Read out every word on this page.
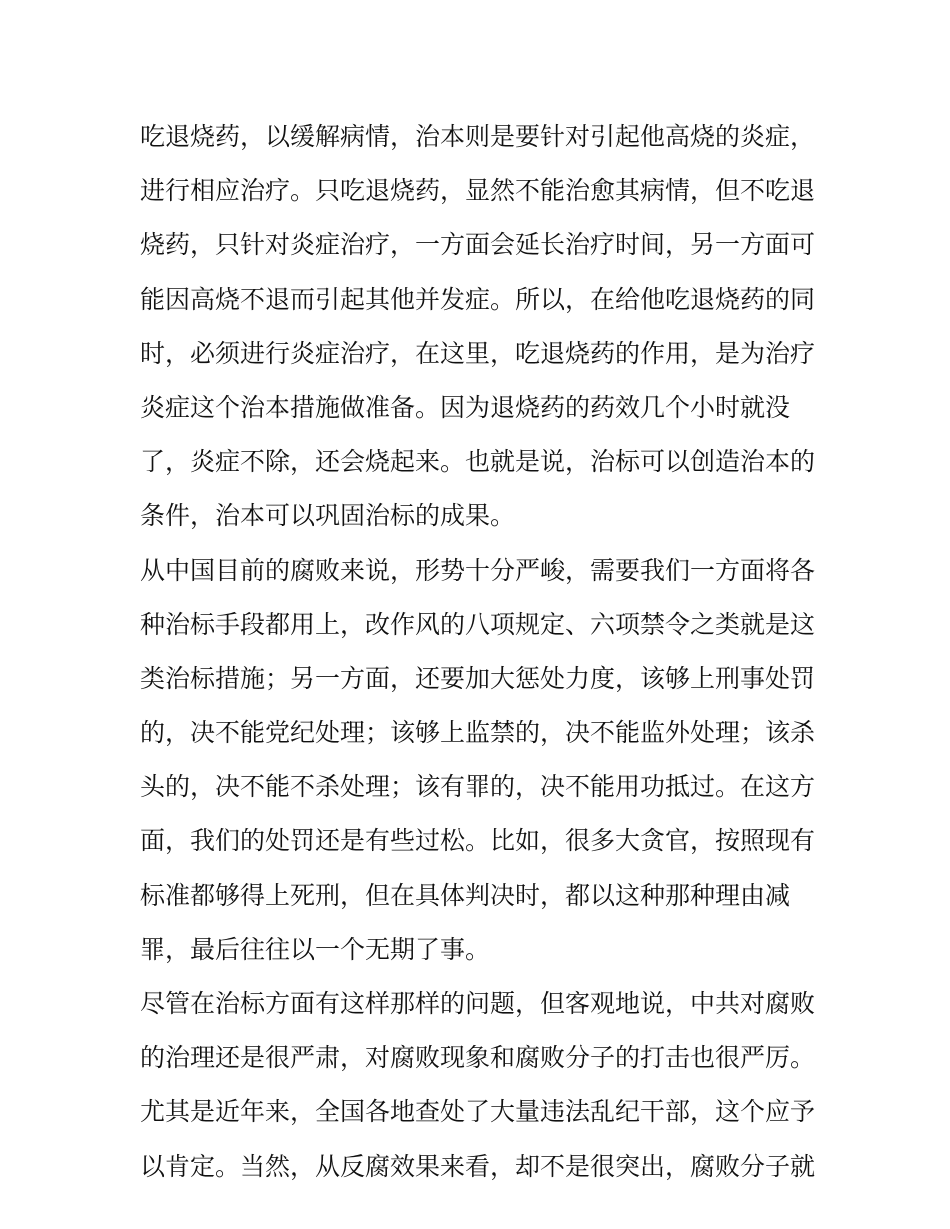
吃退烧药，以缓解病情，治本则是要针对引起他高烧的炎症，
进行相应治疗。只吃退烧药，显然不能治愈其病情，但不吃退
烧药，只针对炎症治疗，一方面会延长治疗时间，另一方面可
能因高烧不退而引起其他并发症。所以，在给他吃退烧药的同
时，必须进行炎症治疗，在这里，吃退烧药的作用，是为治疗
炎症这个治本措施做准备。因为退烧药的药效几个小时就没
了，炎症不除，还会烧起来。也就是说，治标可以创造治本的
条件，治本可以巩固治标的成果。
从中国目前的腐败来说，形势十分严峻，需要我们一方面将各
种治标手段都用上，改作风的八项规定、六项禁令之类就是这
类治标措施；另一方面，还要加大惩处力度，该够上刑事处罚
的，决不能党纪处理；该够上监禁的，决不能监外处理；该杀
头的，决不能不杀处理；该有罪的，决不能用功抵过。在这方
面，我们的处罚还是有些过松。比如，很多大贪官，按照现有
标准都够得上死刑，但在具体判决时，都以这种那种理由减
罪，最后往往以一个无期了事。
尽管在治标方面有这样那样的问题，但客观地说，中共对腐败
的治理还是很严肃，对腐败现象和腐败分子的打击也很严厉。
尤其是近年来，全国各地查处了大量违法乱纪干部，这个应予
以肯定。当然，从反腐效果来看，却不是很突出，腐败分子就
